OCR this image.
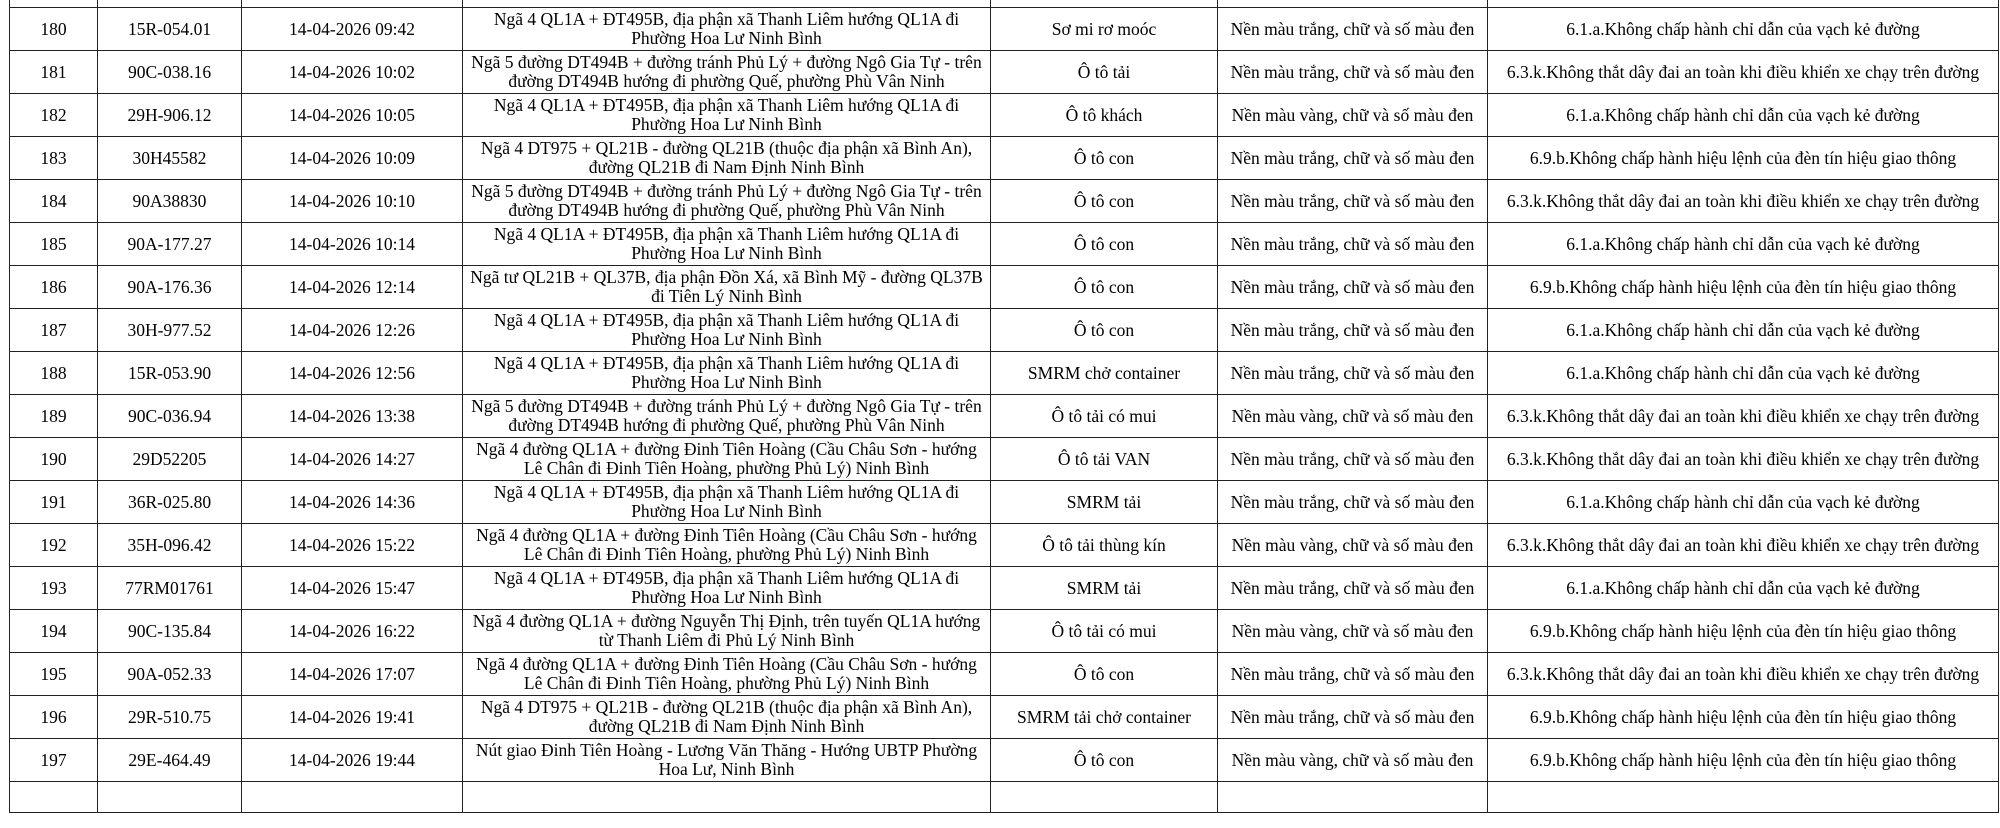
180	15R-054.01	14-04-2026 09:42	Ngã 4 QL1A + ĐT495B, địa phận xã Thanh Liêm hướng QL1A đi Phường Hoa Lư Ninh Bình	Sơ mi rơ moóc	Nền màu trắng, chữ và số màu đen	6.1.a.Không chấp hành chỉ dẫn của vạch kẻ đường
181	90C-038.16	14-04-2026 10:02	Ngã 5 đường DT494B + đường tránh Phủ Lý + đường Ngô Gia Tự - trên đường DT494B hướng đi phường Quế, phường Phù Vân Ninh	Ô tô tải	Nền màu trắng, chữ và số màu đen	6.3.k.Không thắt dây đai an toàn khi điều khiển xe chạy trên đường
182	29H-906.12	14-04-2026 10:05	Ngã 4 QL1A + ĐT495B, địa phận xã Thanh Liêm hướng QL1A đi Phường Hoa Lư Ninh Bình	Ô tô khách	Nền màu vàng, chữ và số màu đen	6.1.a.Không chấp hành chỉ dẫn của vạch kẻ đường
183	30H45582	14-04-2026 10:09	Ngã 4 DT975 + QL21B - đường QL21B (thuộc địa phận xã Bình An), đường QL21B đi Nam Định Ninh Bình	Ô tô con	Nền màu trắng, chữ và số màu đen	6.9.b.Không chấp hành hiệu lệnh của đèn tín hiệu giao thông
184	90A38830	14-04-2026 10:10	Ngã 5 đường DT494B + đường tránh Phủ Lý + đường Ngô Gia Tự - trên đường DT494B hướng đi phường Quế, phường Phù Vân Ninh	Ô tô con	Nền màu trắng, chữ và số màu đen	6.3.k.Không thắt dây đai an toàn khi điều khiển xe chạy trên đường
185	90A-177.27	14-04-2026 10:14	Ngã 4 QL1A + ĐT495B, địa phận xã Thanh Liêm hướng QL1A đi Phường Hoa Lư Ninh Bình	Ô tô con	Nền màu trắng, chữ và số màu đen	6.1.a.Không chấp hành chỉ dẫn của vạch kẻ đường
186	90A-176.36	14-04-2026 12:14	Ngã tư QL21B + QL37B, địa phận Đồn Xá, xã Bình Mỹ - đường QL37B đi Tiên Lý Ninh Bình	Ô tô con	Nền màu trắng, chữ và số màu đen	6.9.b.Không chấp hành hiệu lệnh của đèn tín hiệu giao thông
187	30H-977.52	14-04-2026 12:26	Ngã 4 QL1A + ĐT495B, địa phận xã Thanh Liêm hướng QL1A đi Phường Hoa Lư Ninh Bình	Ô tô con	Nền màu trắng, chữ và số màu đen	6.1.a.Không chấp hành chỉ dẫn của vạch kẻ đường
188	15R-053.90	14-04-2026 12:56	Ngã 4 QL1A + ĐT495B, địa phận xã Thanh Liêm hướng QL1A đi Phường Hoa Lư Ninh Bình	SMRM chở container	Nền màu trắng, chữ và số màu đen	6.1.a.Không chấp hành chỉ dẫn của vạch kẻ đường
189	90C-036.94	14-04-2026 13:38	Ngã 5 đường DT494B + đường tránh Phủ Lý + đường Ngô Gia Tự - trên đường DT494B hướng đi phường Quế, phường Phù Vân Ninh	Ô tô tải có mui	Nền màu vàng, chữ và số màu đen	6.3.k.Không thắt dây đai an toàn khi điều khiển xe chạy trên đường
190	29D52205	14-04-2026 14:27	Ngã 4 đường QL1A + đường Đinh Tiên Hoàng (Cầu Châu Sơn - hướng Lê Chân đi Đinh Tiên Hoàng, phường Phủ Lý) Ninh Bình	Ô tô tải VAN	Nền màu trắng, chữ và số màu đen	6.3.k.Không thắt dây đai an toàn khi điều khiển xe chạy trên đường
191	36R-025.80	14-04-2026 14:36	Ngã 4 QL1A + ĐT495B, địa phận xã Thanh Liêm hướng QL1A đi Phường Hoa Lư Ninh Bình	SMRM tải	Nền màu trắng, chữ và số màu đen	6.1.a.Không chấp hành chỉ dẫn của vạch kẻ đường
192	35H-096.42	14-04-2026 15:22	Ngã 4 đường QL1A + đường Đinh Tiên Hoàng (Cầu Châu Sơn - hướng Lê Chân đi Đinh Tiên Hoàng, phường Phủ Lý) Ninh Bình	Ô tô tải thùng kín	Nền màu vàng, chữ và số màu đen	6.3.k.Không thắt dây đai an toàn khi điều khiển xe chạy trên đường
193	77RM01761	14-04-2026 15:47	Ngã 4 QL1A + ĐT495B, địa phận xã Thanh Liêm hướng QL1A đi Phường Hoa Lư Ninh Bình	SMRM tải	Nền màu trắng, chữ và số màu đen	6.1.a.Không chấp hành chỉ dẫn của vạch kẻ đường
194	90C-135.84	14-04-2026 16:22	Ngã 4 đường QL1A + đường Nguyễn Thị Định, trên tuyến QL1A hướng từ Thanh Liêm đi Phủ Lý Ninh Bình	Ô tô tải có mui	Nền màu vàng, chữ và số màu đen	6.9.b.Không chấp hành hiệu lệnh của đèn tín hiệu giao thông
195	90A-052.33	14-04-2026 17:07	Ngã 4 đường QL1A + đường Đinh Tiên Hoàng (Cầu Châu Sơn - hướng Lê Chân đi Đinh Tiên Hoàng, phường Phủ Lý) Ninh Bình	Ô tô con	Nền màu trắng, chữ và số màu đen	6.3.k.Không thắt dây đai an toàn khi điều khiển xe chạy trên đường
196	29R-510.75	14-04-2026 19:41	Ngã 4 DT975 + QL21B - đường QL21B (thuộc địa phận xã Bình An), đường QL21B đi Nam Định Ninh Bình	SMRM tải chở container	Nền màu trắng, chữ và số màu đen	6.9.b.Không chấp hành hiệu lệnh của đèn tín hiệu giao thông
197	29E-464.49	14-04-2026 19:44	Nút giao Đinh Tiên Hoàng - Lương Văn Thăng - Hướng UBTP Phường Hoa Lư, Ninh Bình	Ô tô con	Nền màu vàng, chữ và số màu đen	6.9.b.Không chấp hành hiệu lệnh của đèn tín hiệu giao thông
